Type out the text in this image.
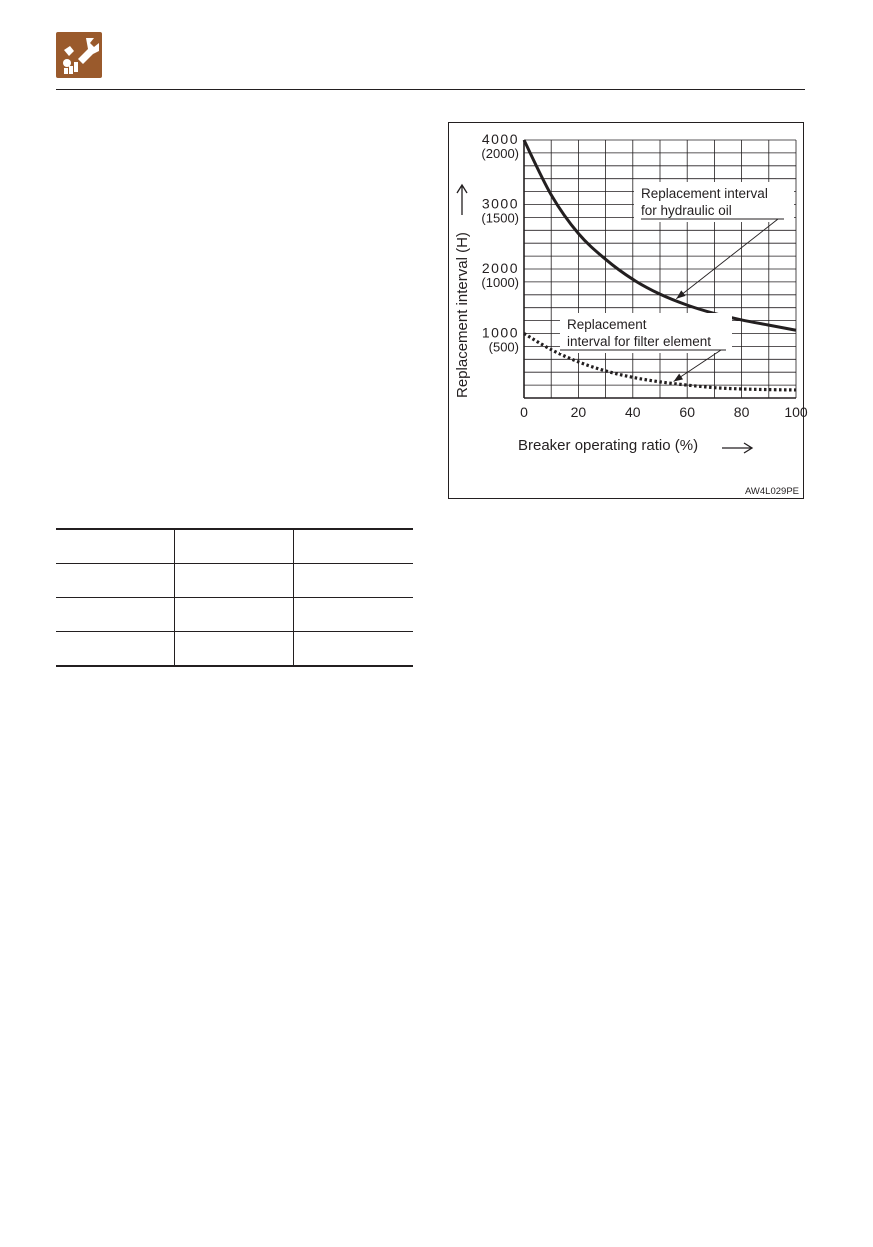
0	20	40	60	80 100
4000
(2000)
3000
(1500)
2000
(1000)
1000
(500)
Breaker operating ratio (%)
Replacement interval (H)
Replacement interval
for hydraulic oil
Replacement
interval for filter element
AW4L029PE
